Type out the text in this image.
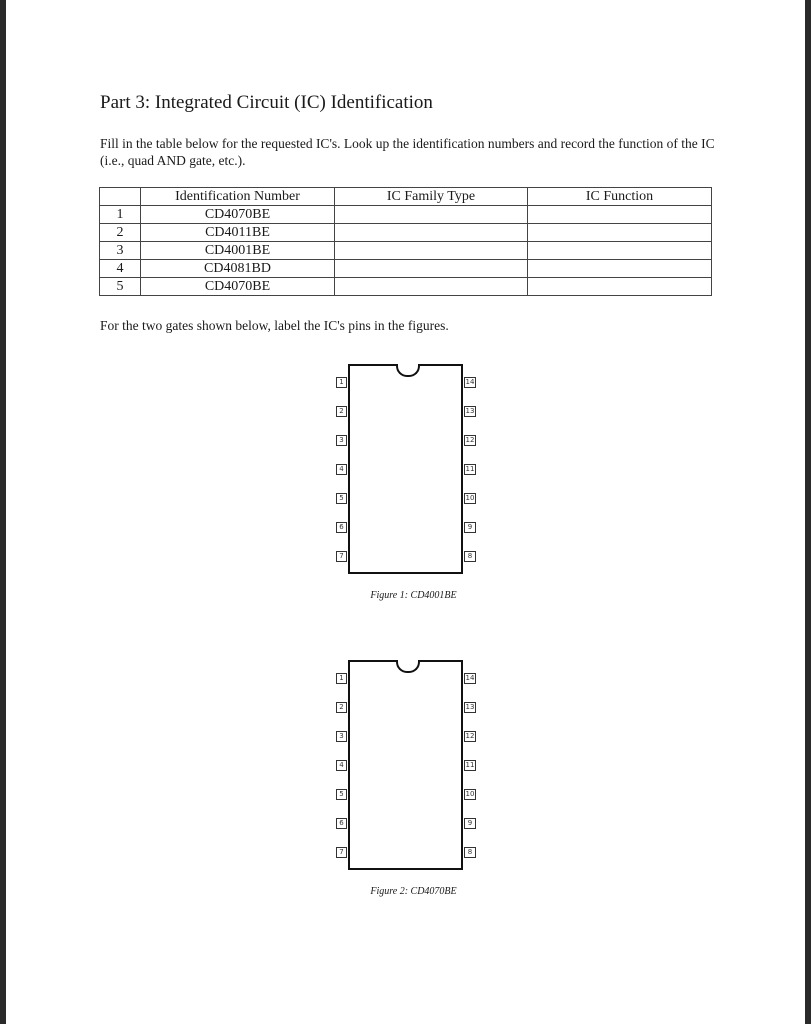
Part 3: Integrated Circuit (IC) Identification

Fill in the table below for the requested IC's. Look up the identification numbers and record the function of the IC (i.e., quad AND gate, etc.).

	Identification Number	IC Family Type	IC Function
1	CD4070BE		
2	CD4011BE		
3	CD4001BE		
4	CD4081BD		
5	CD4070BE		

For the two gates shown below, label the IC's pins in the figures.

1
2
3
4
5
6
7
14
13
12
11
10
9
8
Figure 1: CD4001BE
1
2
3
4
5
6
7
14
13
12
11
10
9
8
Figure 2: CD4070BE
